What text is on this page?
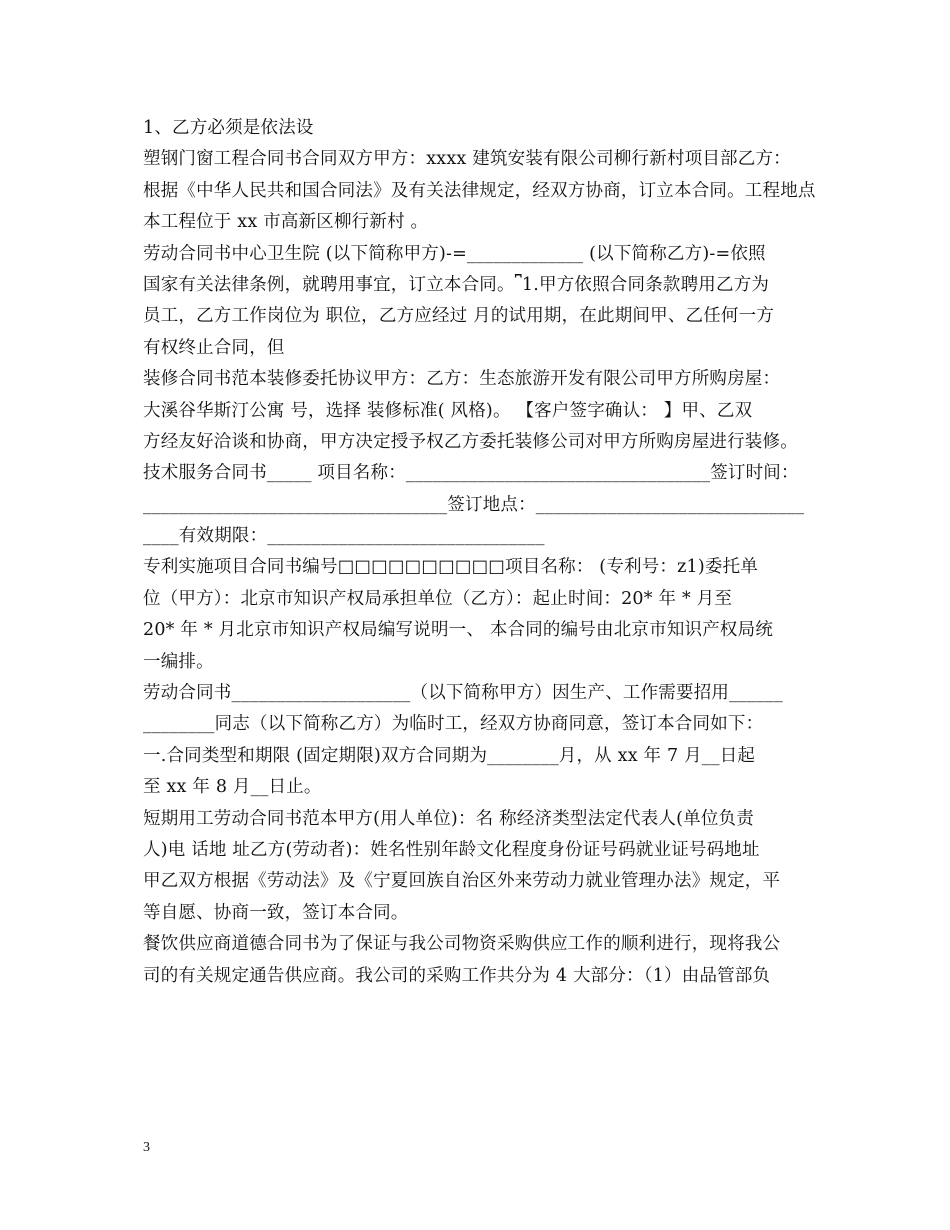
1、乙方必须是依法设
塑钢门窗工程合同书合同双方甲方：xxxx 建筑安装有限公司柳行新村项目部乙方：
根据《中华人民共和国合同法》及有关法律规定，经双方协商，订立本合同。工程地点
本工程位于 xx 市高新区柳行新村 。
劳动合同书中心卫生院 (以下简称甲方)-=_____________ (以下简称乙方)-=依照
国家有关法律条例，就聘用事宜，订立本合同。⎴1.甲方依照合同条款聘用乙方为
员工，乙方工作岗位为 职位，乙方应经过 月的试用期，在此期间甲、乙任何一方
有权终止合同，但
装修合同书范本装修委托协议甲方：乙方：生态旅游开发有限公司甲方所购房屋：
大溪谷华斯汀公寓 号，选择 装修标准( 风格)。 【客户签字确认： 】甲、乙双
方经友好洽谈和协商，甲方决定授予权乙方委托装修公司对甲方所购房屋进行装修。
技术服务合同书_____ 项目名称：__________________________________签订时间：
__________________________________签订地点：______________________________
____有效期限：_______________________________
专利实施项目合同书编号□□□□□□□□□□项目名称： (专利号：z1)委托单
位（甲方）：北京市知识产权局承担单位（乙方）：起止时间：20* 年 * 月至
20* 年 * 月北京市知识产权局编写说明一、 本合同的编号由北京市知识产权局统
一编排。
劳动合同书____________________（以下简称甲方）因生产、工作需要招用______
________同志（以下简称乙方）为临时工，经双方协商同意，签订本合同如下：
一.合同类型和期限 (固定期限)双方合同期为________月，从 xx 年 7 月__日起
至 xx 年 8 月__日止。
短期用工劳动合同书范本甲方(用人单位)：名 称经济类型法定代表人(单位负责
人)电 话地 址乙方(劳动者)：姓名性别年龄文化程度身份证号码就业证号码地址
甲乙双方根据《劳动法》及《宁夏回族自治区外来劳动力就业管理办法》规定，平
等自愿、协商一致，签订本合同。
餐饮供应商道德合同书为了保证与我公司物资采购供应工作的顺利进行，现将我公
司的有关规定通告供应商。我公司的采购工作共分为 4 大部分：（1）由品管部负
3
